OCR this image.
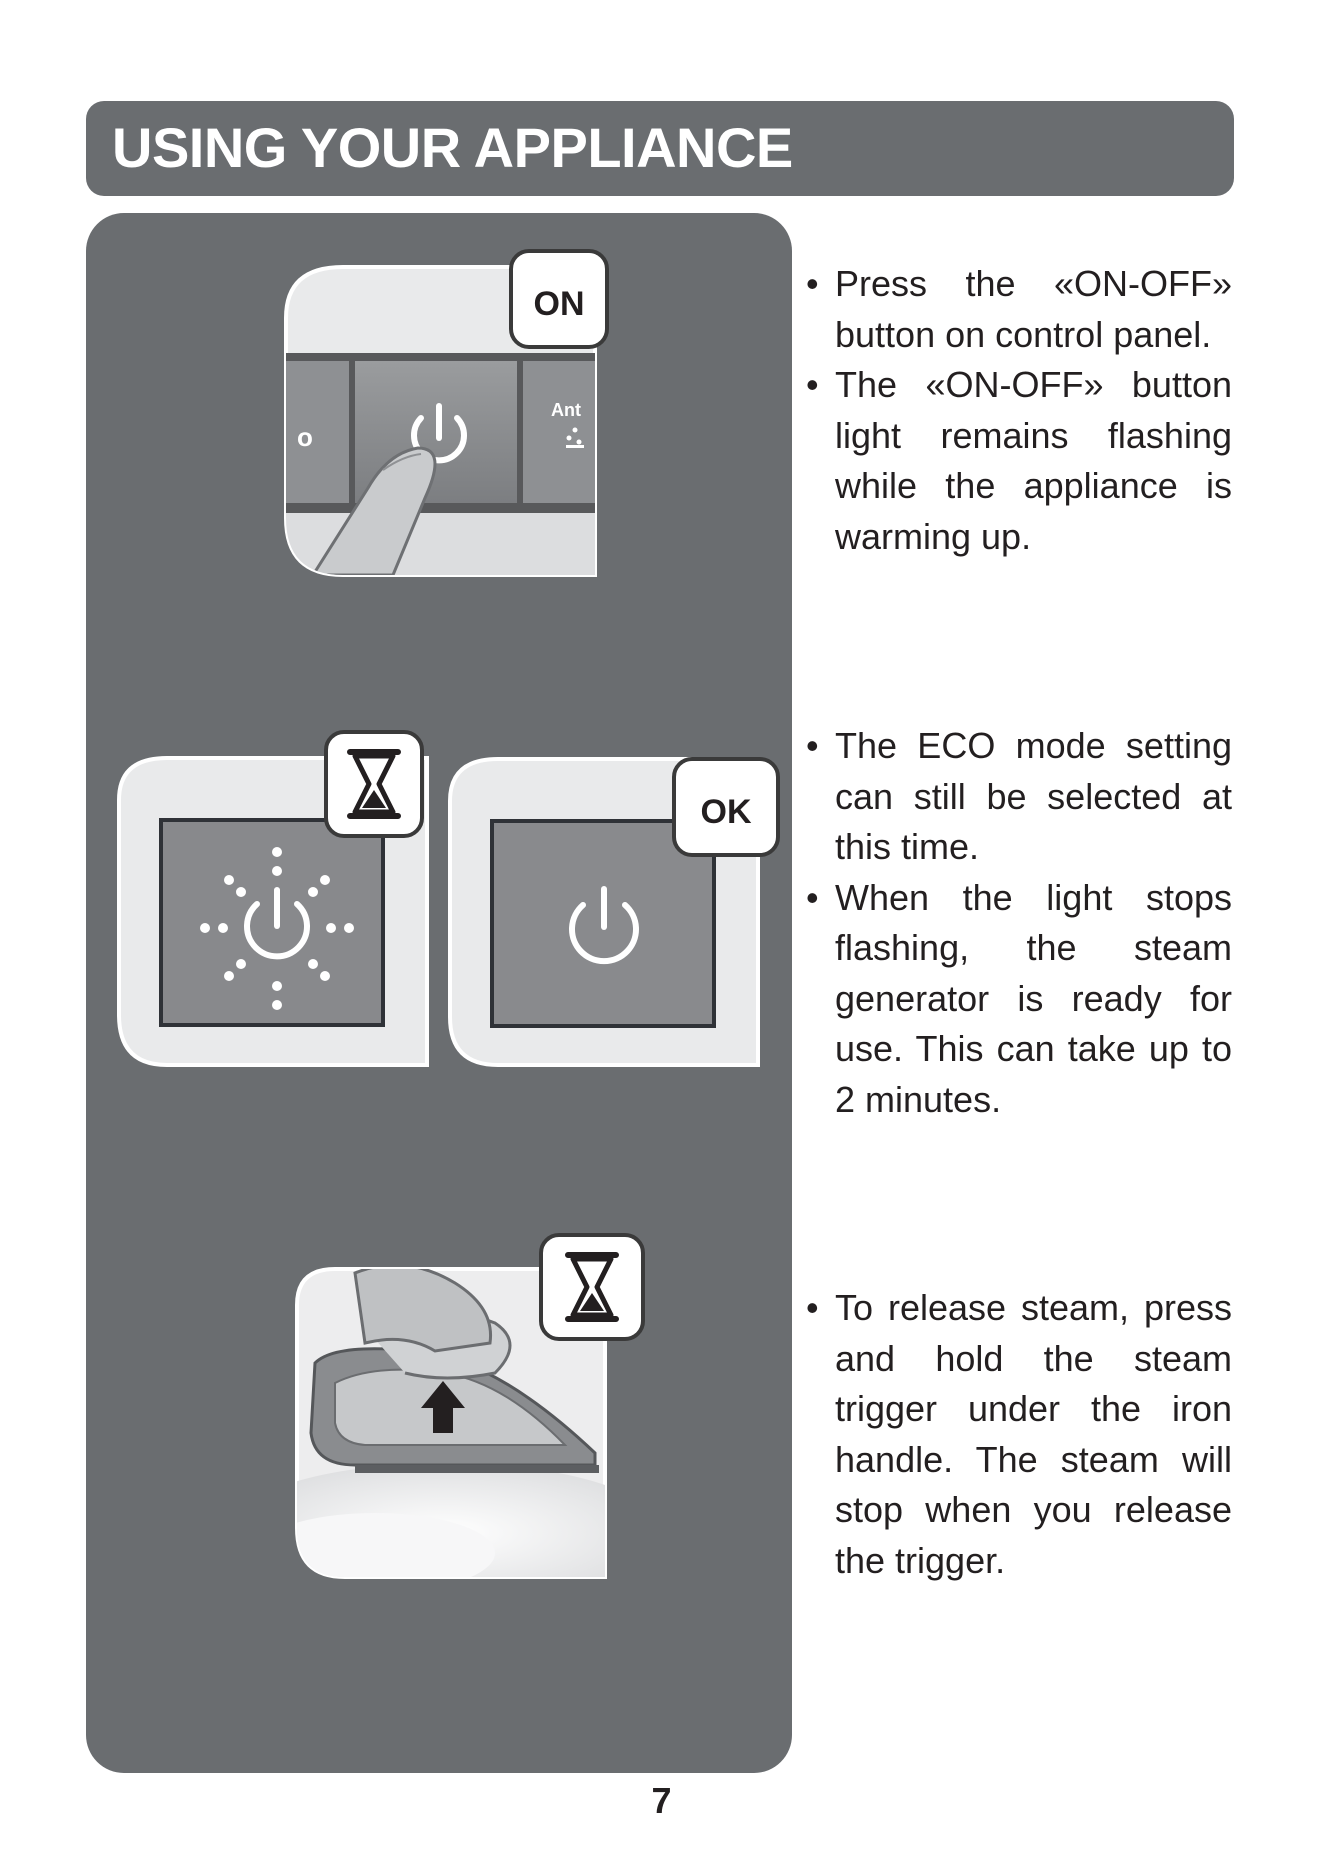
USING YOUR APPLIANCE
o
Ant
ON
OK
• Press the «ON-OFF» button on control panel.
• The «ON-OFF» button light remains flashing while the appliance is warming up.
• The ECO mode setting can still be selected at this time.
• When the light stops flashing, the steam generator is ready for use. This can take up to 2 minutes.
• To release steam, press and hold the steam trigger under the iron handle. The steam will stop when you release the trigger.
7
